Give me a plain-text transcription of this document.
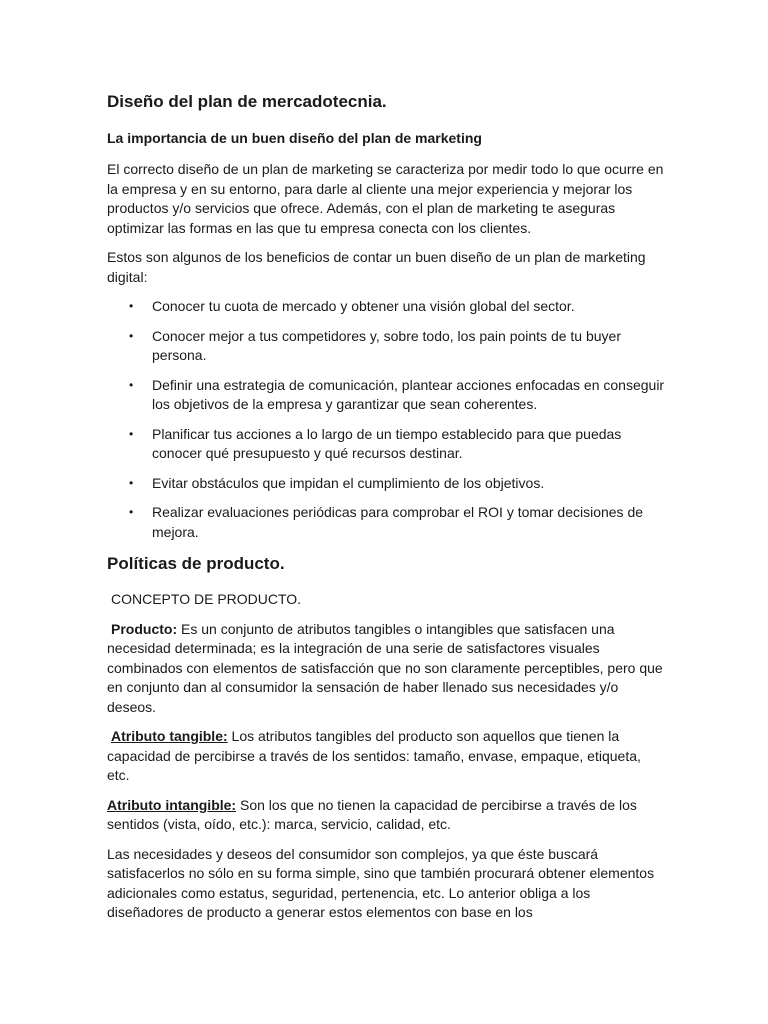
Diseño del plan de mercadotecnia.
La importancia de un buen diseño del plan de marketing

El correcto diseño de un plan de marketing se caracteriza por medir todo lo que ocurre en la empresa y en su entorno, para darle al cliente una mejor experiencia y mejorar los productos y/o servicios que ofrece. Además, con el plan de marketing te aseguras optimizar las formas en las que tu empresa conecta con los clientes.

Estos son algunos de los beneficios de contar un buen diseño de un plan de marketing digital:

• Conocer tu cuota de mercado y obtener una visión global del sector.
• Conocer mejor a tus competidores y, sobre todo, los pain points de tu buyer persona.
• Definir una estrategia de comunicación, plantear acciones enfocadas en conseguir los objetivos de la empresa y garantizar que sean coherentes.
• Planificar tus acciones a lo largo de un tiempo establecido para que puedas conocer qué presupuesto y qué recursos destinar.
• Evitar obstáculos que impidan el cumplimiento de los objetivos.
• Realizar evaluaciones periódicas para comprobar el ROI y tomar decisiones de mejora.
Políticas de producto.

CONCEPTO DE PRODUCTO.

Producto: Es un conjunto de atributos tangibles o intangibles que satisfacen una necesidad determinada; es la integración de una serie de satisfactores visuales combinados con elementos de satisfacción que no son claramente perceptibles, pero que en conjunto dan al consumidor la sensación de haber llenado sus necesidades y/o deseos.

Atributo tangible: Los atributos tangibles del producto son aquellos que tienen la capacidad de percibirse a través de los sentidos: tamaño, envase, empaque, etiqueta, etc.

Atributo intangible: Son los que no tienen la capacidad de percibirse a través de los sentidos (vista, oído, etc.): marca, servicio, calidad, etc.

Las necesidades y deseos del consumidor son complejos, ya que éste buscará satisfacerlos no sólo en su forma simple, sino que también procurará obtener elementos adicionales como estatus, seguridad, pertenencia, etc. Lo anterior obliga a los diseñadores de producto a generar estos elementos con base en los
